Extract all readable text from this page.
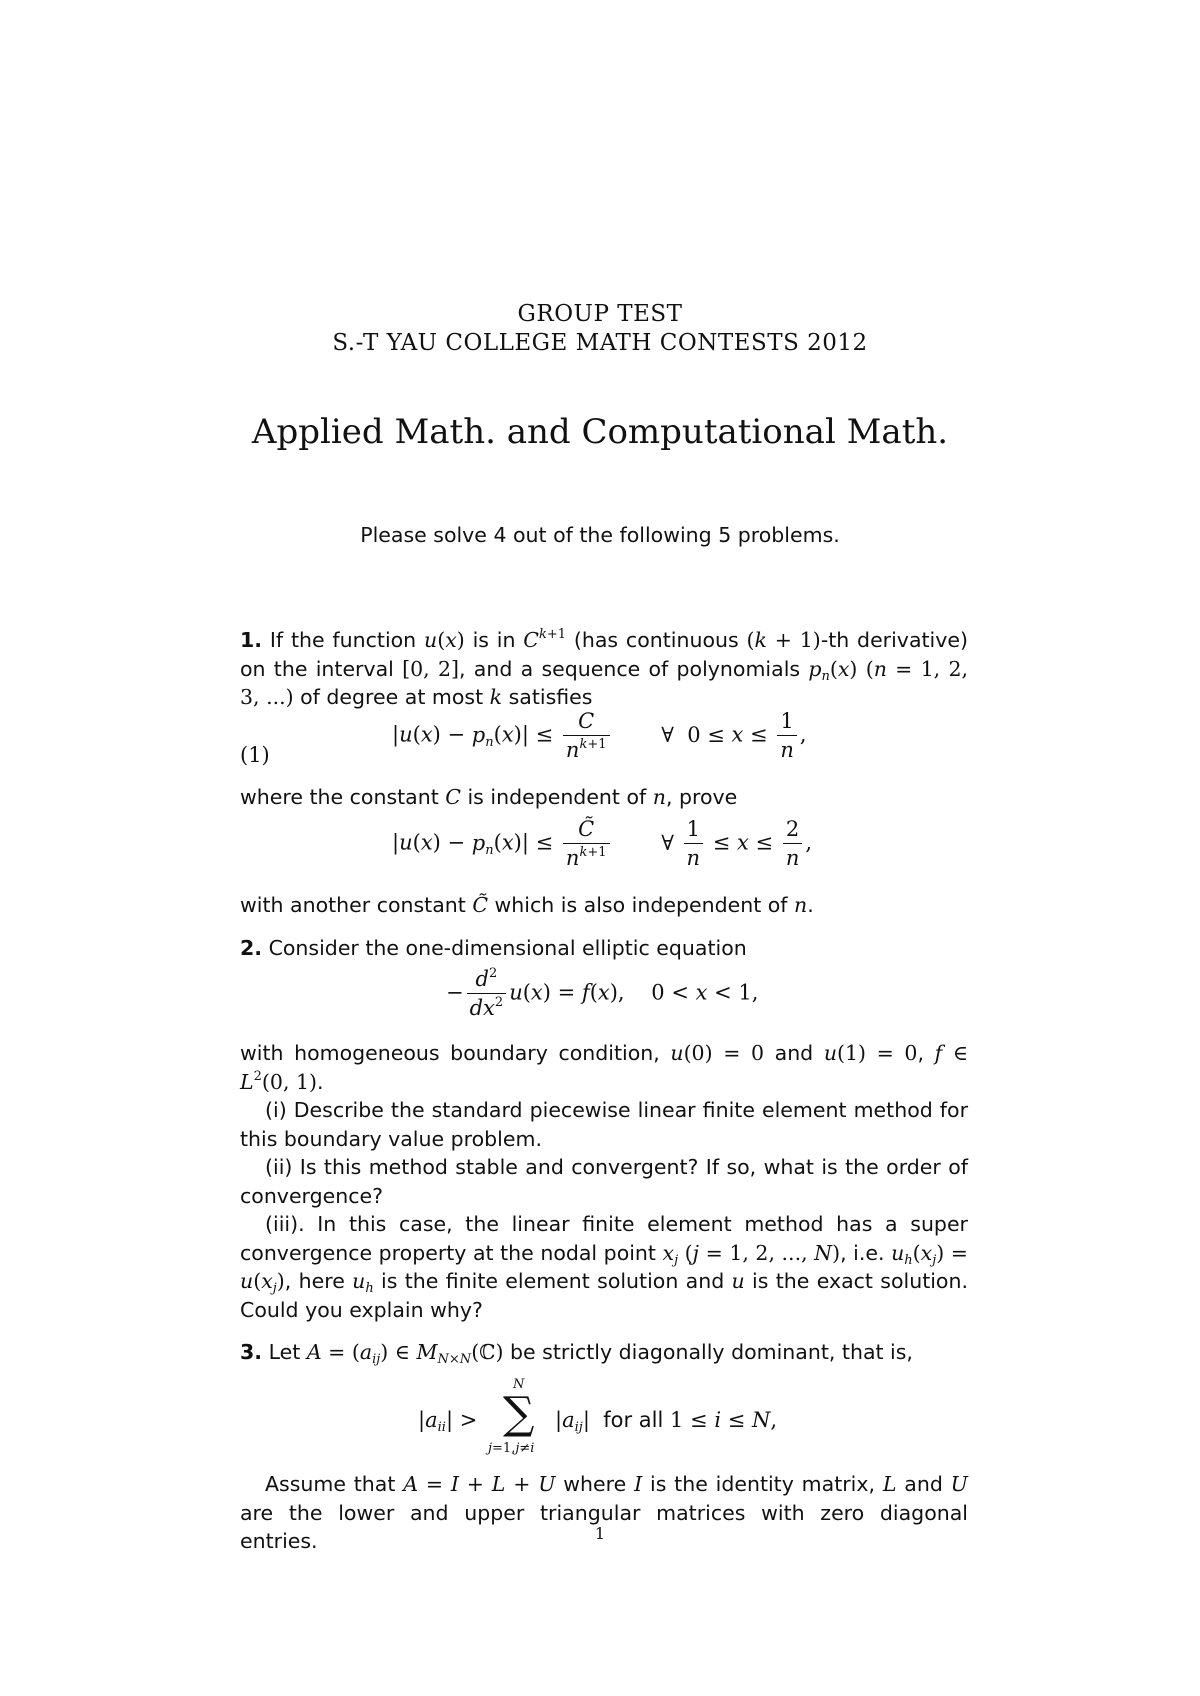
GROUP TEST
S.-T YAU COLLEGE MATH CONTESTS 2012
Applied Math. and Computational Math.
Please solve 4 out of the following 5 problems.
1. If the function u(x) is in $C^{k+1}$ (has continuous (k + 1)-th derivative) on the interval [0, 2], and a sequence of polynomials $p_n(x) (n = 1$, 2, 3, ...) of degree at most k satisfies
(1)
$|u(x) - p_n(x)| \le \frac{C}{n^{k+1}}$ ∀  $0 \le x \le \frac{1}{n}$ ,
where the constant C is independent of n, prove
$|u(x) - p_n(x)| \le \frac{C̃}{n^{k+1}}$ ∀ $\frac{1}{n} \le x \le \frac{2}{n}$ ,
with another constant C̃ which is also independent of n.
2. Consider the one-dimensional elliptic equation
− $\frac{d^2}{dx^2} u(x) = f(x)$,    0 < x < 1,
with homogeneous boundary condition, u(0) = 0 and u(1) = 0, f ∈ $L^2(0$, 1).
(i) Describe the standard piecewise linear finite element method for this boundary value problem.
(ii) Is this method stable and convergent? If so, what is the order of convergence?
(iii). In this case, the linear finite element method has a super convergence property at the nodal point $x_j$ (j = 1, 2, ..., N), i.e. $u_h(x_j) = u(x_j)$, here $u_h$ is the finite element solution and u is the exact solution. Could you explain why?
3. Let $A = (a_{ij})$ ∈ $M_{N\times N}(ℂ)$ be strictly diagonally dominant, that is,
$|a_{ii}|$ >
N
∑
j=1,j≠i
$|a_{ij}|$  for all 1 ≤ i ≤ N,
Assume that A = I + L + U where I is the identity matrix, L and U are the lower and upper triangular matrices with zero diagonal entries.	1
